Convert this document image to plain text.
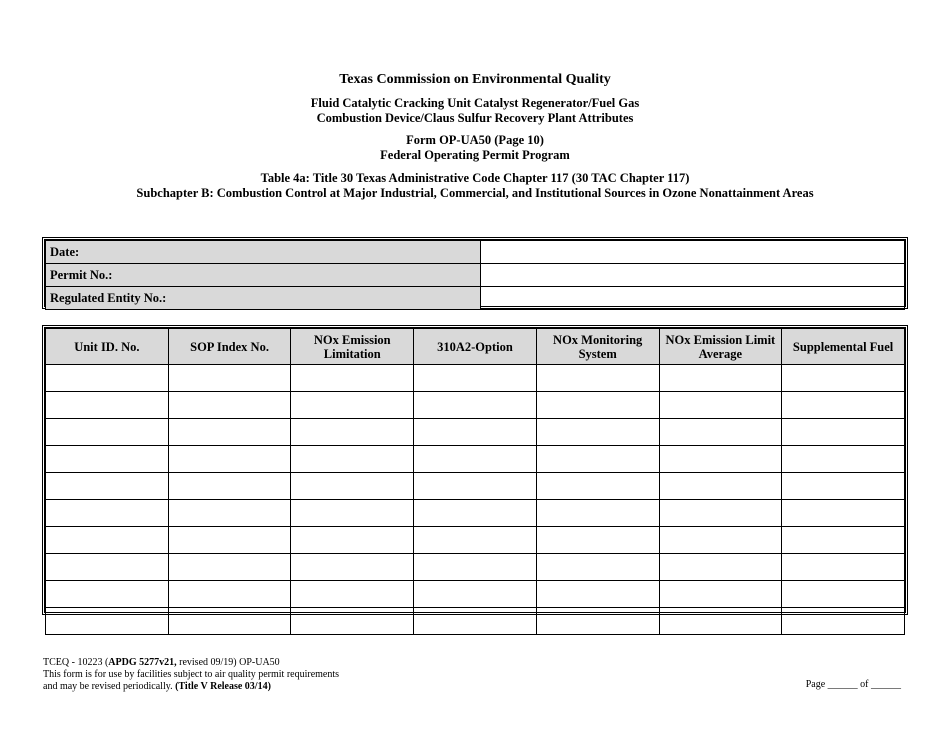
Texas Commission on Environmental Quality
Fluid Catalytic Cracking Unit Catalyst Regenerator/Fuel Gas
Combustion Device/Claus Sulfur Recovery Plant Attributes
Form OP-UA50 (Page 10)
Federal Operating Permit Program
Table 4a: Title 30 Texas Administrative Code Chapter 117 (30 TAC Chapter 117)
Subchapter B: Combustion Control at Major Industrial, Commercial, and Institutional Sources in Ozone Nonattainment Areas
Date:	
Permit No.:	
Regulated Entity No.:	
Unit ID. No.	SOP Index No.	NOx Emission Limitation	310A2-Option	NOx Monitoring System	NOx Emission Limit Average	Supplemental Fuel

TCEQ - 10223 (APDG 5277v21, revised 09/19) OP-UA50
This form is for use by facilities subject to air quality permit requirements
and may be revised periodically. (Title V Release 03/14)	Page ______ of ______
